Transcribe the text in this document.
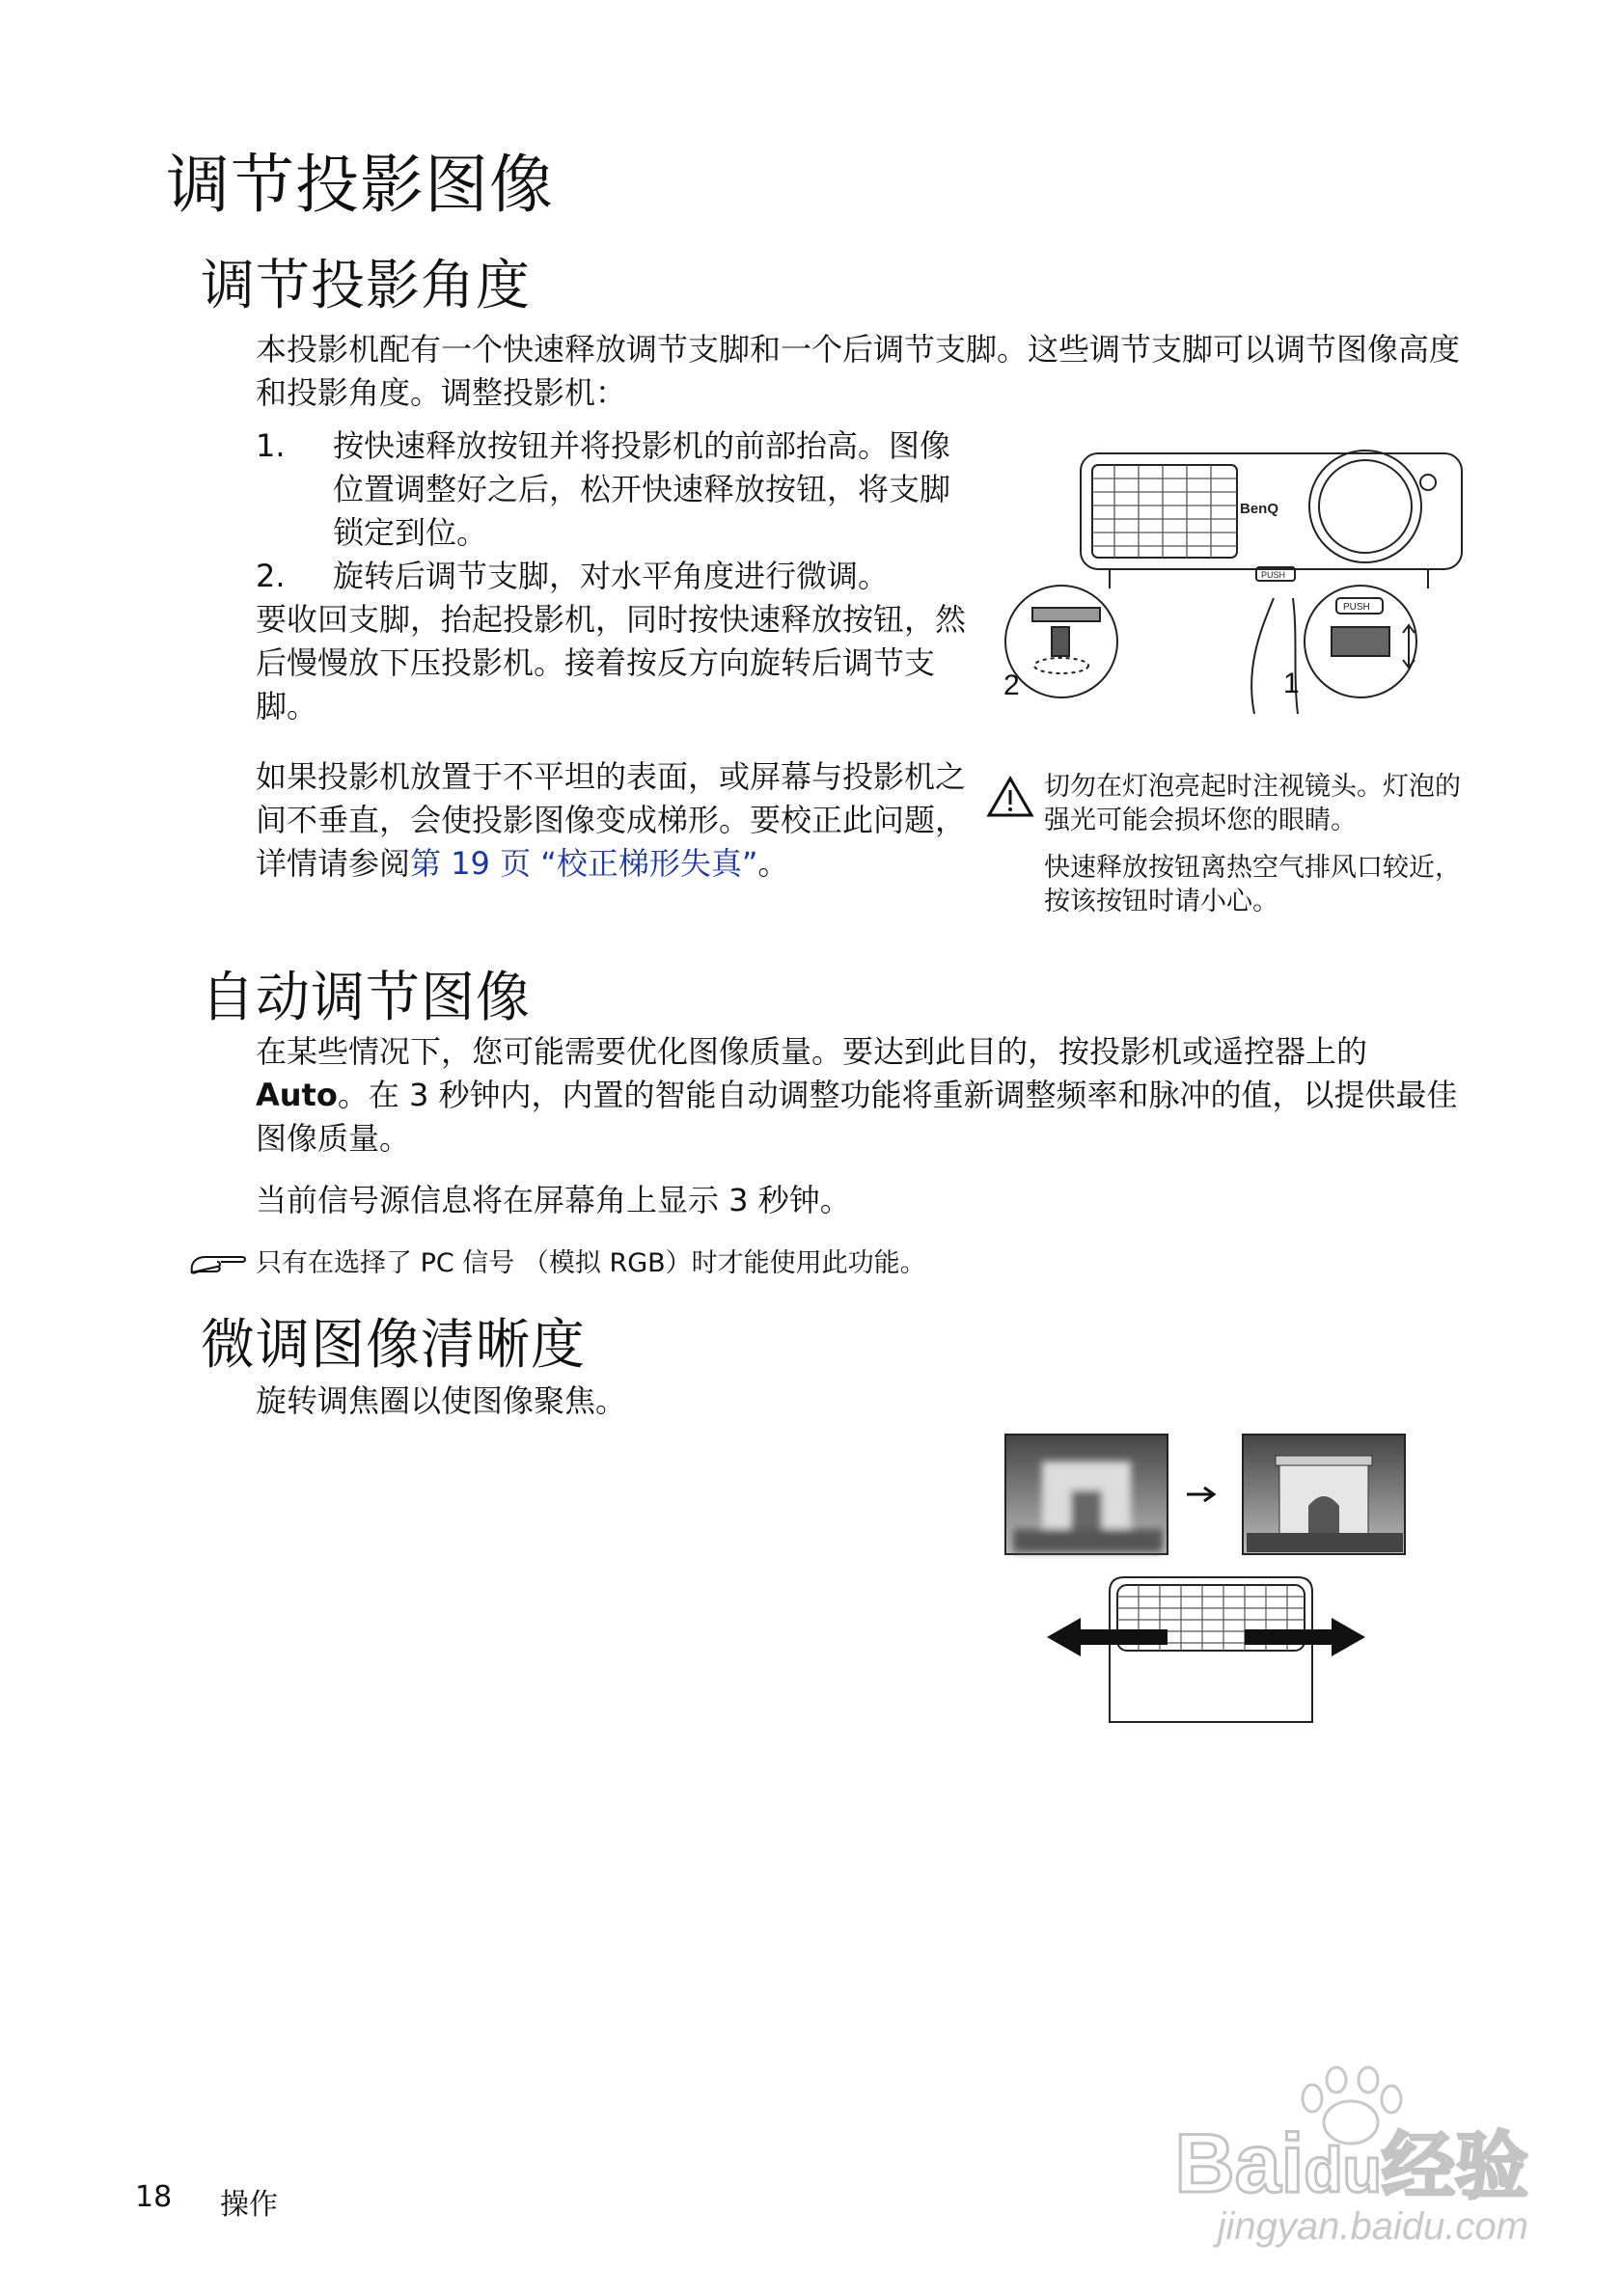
调节投影图像
调节投影角度

本投影机配有一个快速释放调节支脚和一个后调节支脚。这些调节支脚可以调节图像高度和投影角度。调整投影机：

1.	按快速释放按钮并将投影机的前部抬高。图像位置调整好之后，松开快速释放按钮，将支脚锁定到位。
2.	旋转后调节支脚，对水平角度进行微调。
要收回支脚，抬起投影机，同时按快速释放按钮，然后慢慢放下压投影机。接着按反方向旋转后调节支脚。

如果投影机放置于不平坦的表面，或屏幕与投影机之间不垂直，会使投影图像变成梯形。要校正此问题，详情请参阅第 19 页 “校正梯形失真”。

BenQ
PUSH
PUSH
1
2

切勿在灯泡亮起时注视镜头。灯泡的强光可能会损坏您的眼睛。

快速释放按钮离热空气排风口较近，按该按钮时请小心。

自动调节图像

在某些情况下，您可能需要优化图像质量。要达到此目的，按投影机或遥控器上的 Auto。在 3 秒钟内，内置的智能自动调整功能将重新调整频率和脉冲的值，以提供最佳图像质量。

当前信号源信息将在屏幕角上显示 3 秒钟。

只有在选择了 PC 信号 （模拟 RGB）时才能使用此功能。
微调图像清晰度

旋转调焦圈以使图像聚焦。

18 操作	Baidu经验
jingyan.baidu.com
